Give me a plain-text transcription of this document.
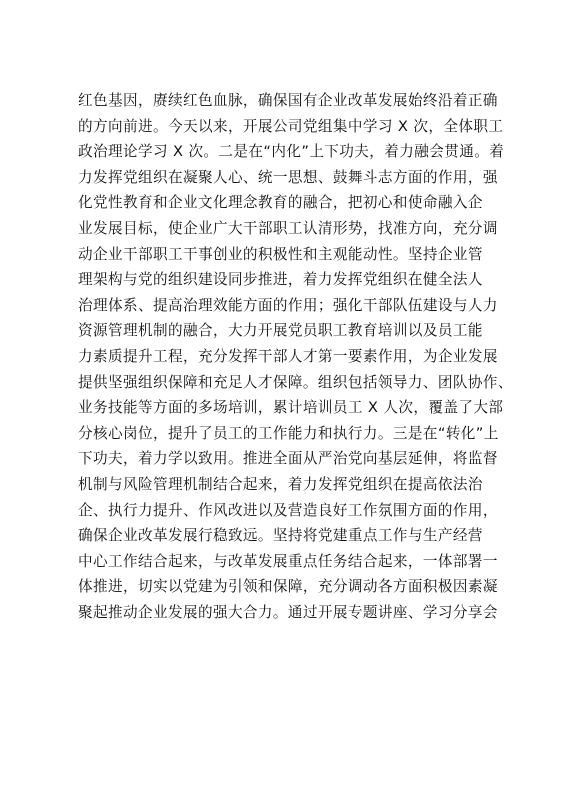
红色基因，赓续红色血脉，确保国有企业改革发展始终沿着正确
的方向前进。今天以来，开展公司党组集中学习 X 次，全体职工
政治理论学习 X 次。二是在“内化”上下功夫，着力融会贯通。着
力发挥党组织在凝聚人心、统一思想、鼓舞斗志方面的作用，强
化党性教育和企业文化理念教育的融合，把初心和使命融入企
业发展目标，使企业广大干部职工认清形势，找准方向，充分调
动企业干部职工干事创业的积极性和主观能动性。坚持企业管
理架构与党的组织建设同步推进，着力发挥党组织在健全法人
治理体系、提高治理效能方面的作用；强化干部队伍建设与人力
资源管理机制的融合，大力开展党员职工教育培训以及员工能
力素质提升工程，充分发挥干部人才第一要素作用，为企业发展
提供坚强组织保障和充足人才保障。组织包括领导力、团队协作、
业务技能等方面的多场培训，累计培训员工 X 人次，覆盖了大部
分核心岗位，提升了员工的工作能力和执行力。三是在“转化”上
下功夫，着力学以致用。推进全面从严治党向基层延伸，将监督
机制与风险管理机制结合起来，着力发挥党组织在提高依法治
企、执行力提升、作风改进以及营造良好工作氛围方面的作用，
确保企业改革发展行稳致远。坚持将党建重点工作与生产经营
中心工作结合起来，与改革发展重点任务结合起来，一体部署一
体推进，切实以党建为引领和保障，充分调动各方面积极因素凝
聚起推动企业发展的强大合力。通过开展专题讲座、学习分享会
